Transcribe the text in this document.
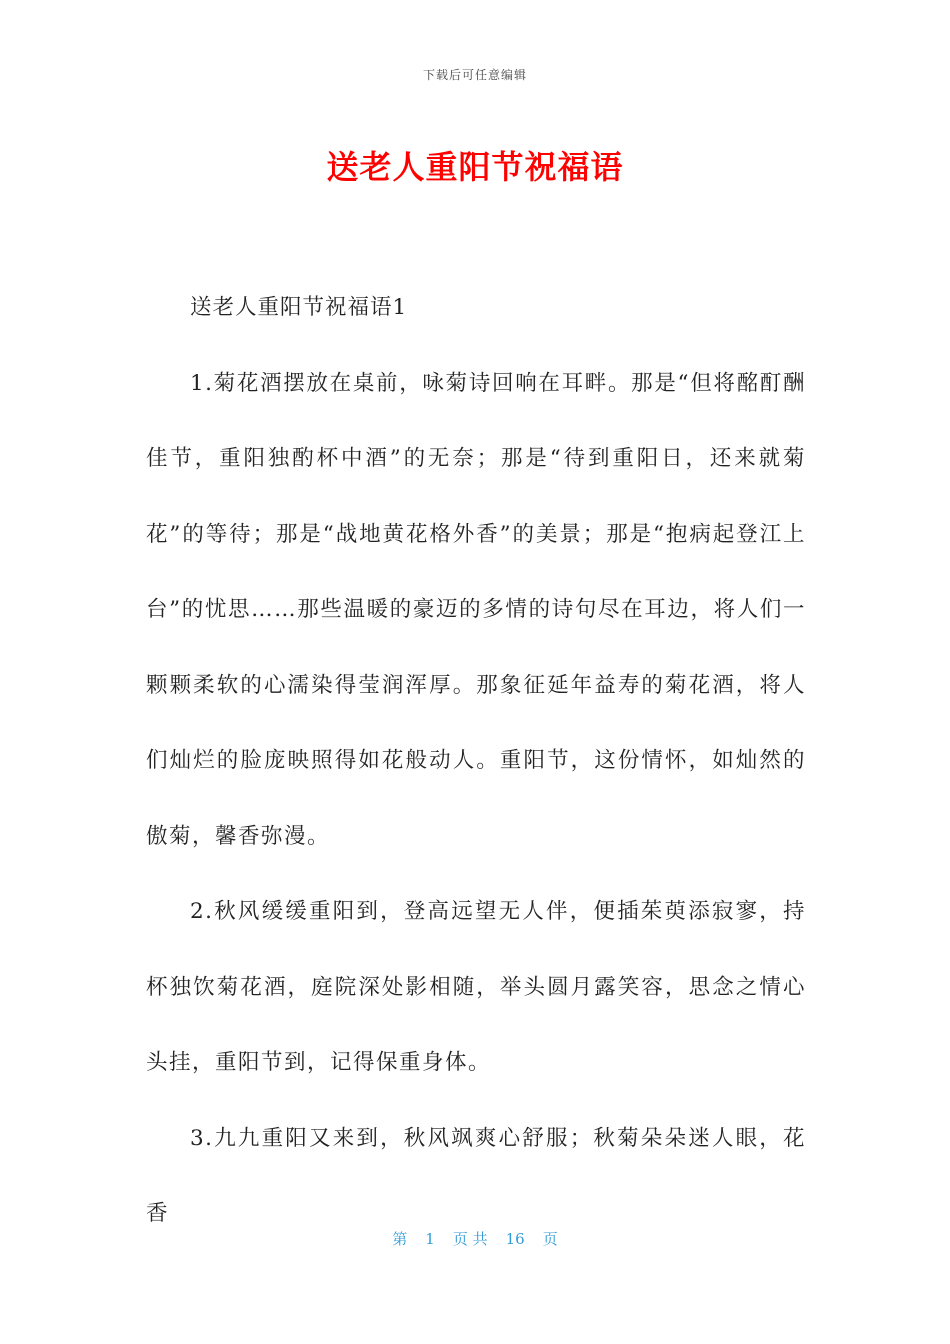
下载后可任意编辑
送老人重阳节祝福语

送老人重阳节祝福语1

1.菊花酒摆放在桌前，咏菊诗回响在耳畔。那是“但将酩酊酬佳节，重阳独酌杯中酒”的无奈；那是“待到重阳日，还来就菊花”的等待；那是“战地黄花格外香”的美景；那是“抱病起登江上台”的忧思……那些温暖的豪迈的多情的诗句尽在耳边，将人们一颗颗柔软的心濡染得莹润浑厚。那象征延年益寿的菊花酒，将人们灿烂的脸庞映照得如花般动人。重阳节，这份情怀，如灿然的傲菊，馨香弥漫。

2.秋风缓缓重阳到，登高远望无人伴，便插茱萸添寂寥，持杯独饮菊花酒，庭院深处影相随，举头圆月露笑容，思念之情心头挂，重阳节到，记得保重身体。

3.九九重阳又来到，秋风飒爽心舒服；秋菊朵朵迷人眼，花香

第 1 页 共 16 页
